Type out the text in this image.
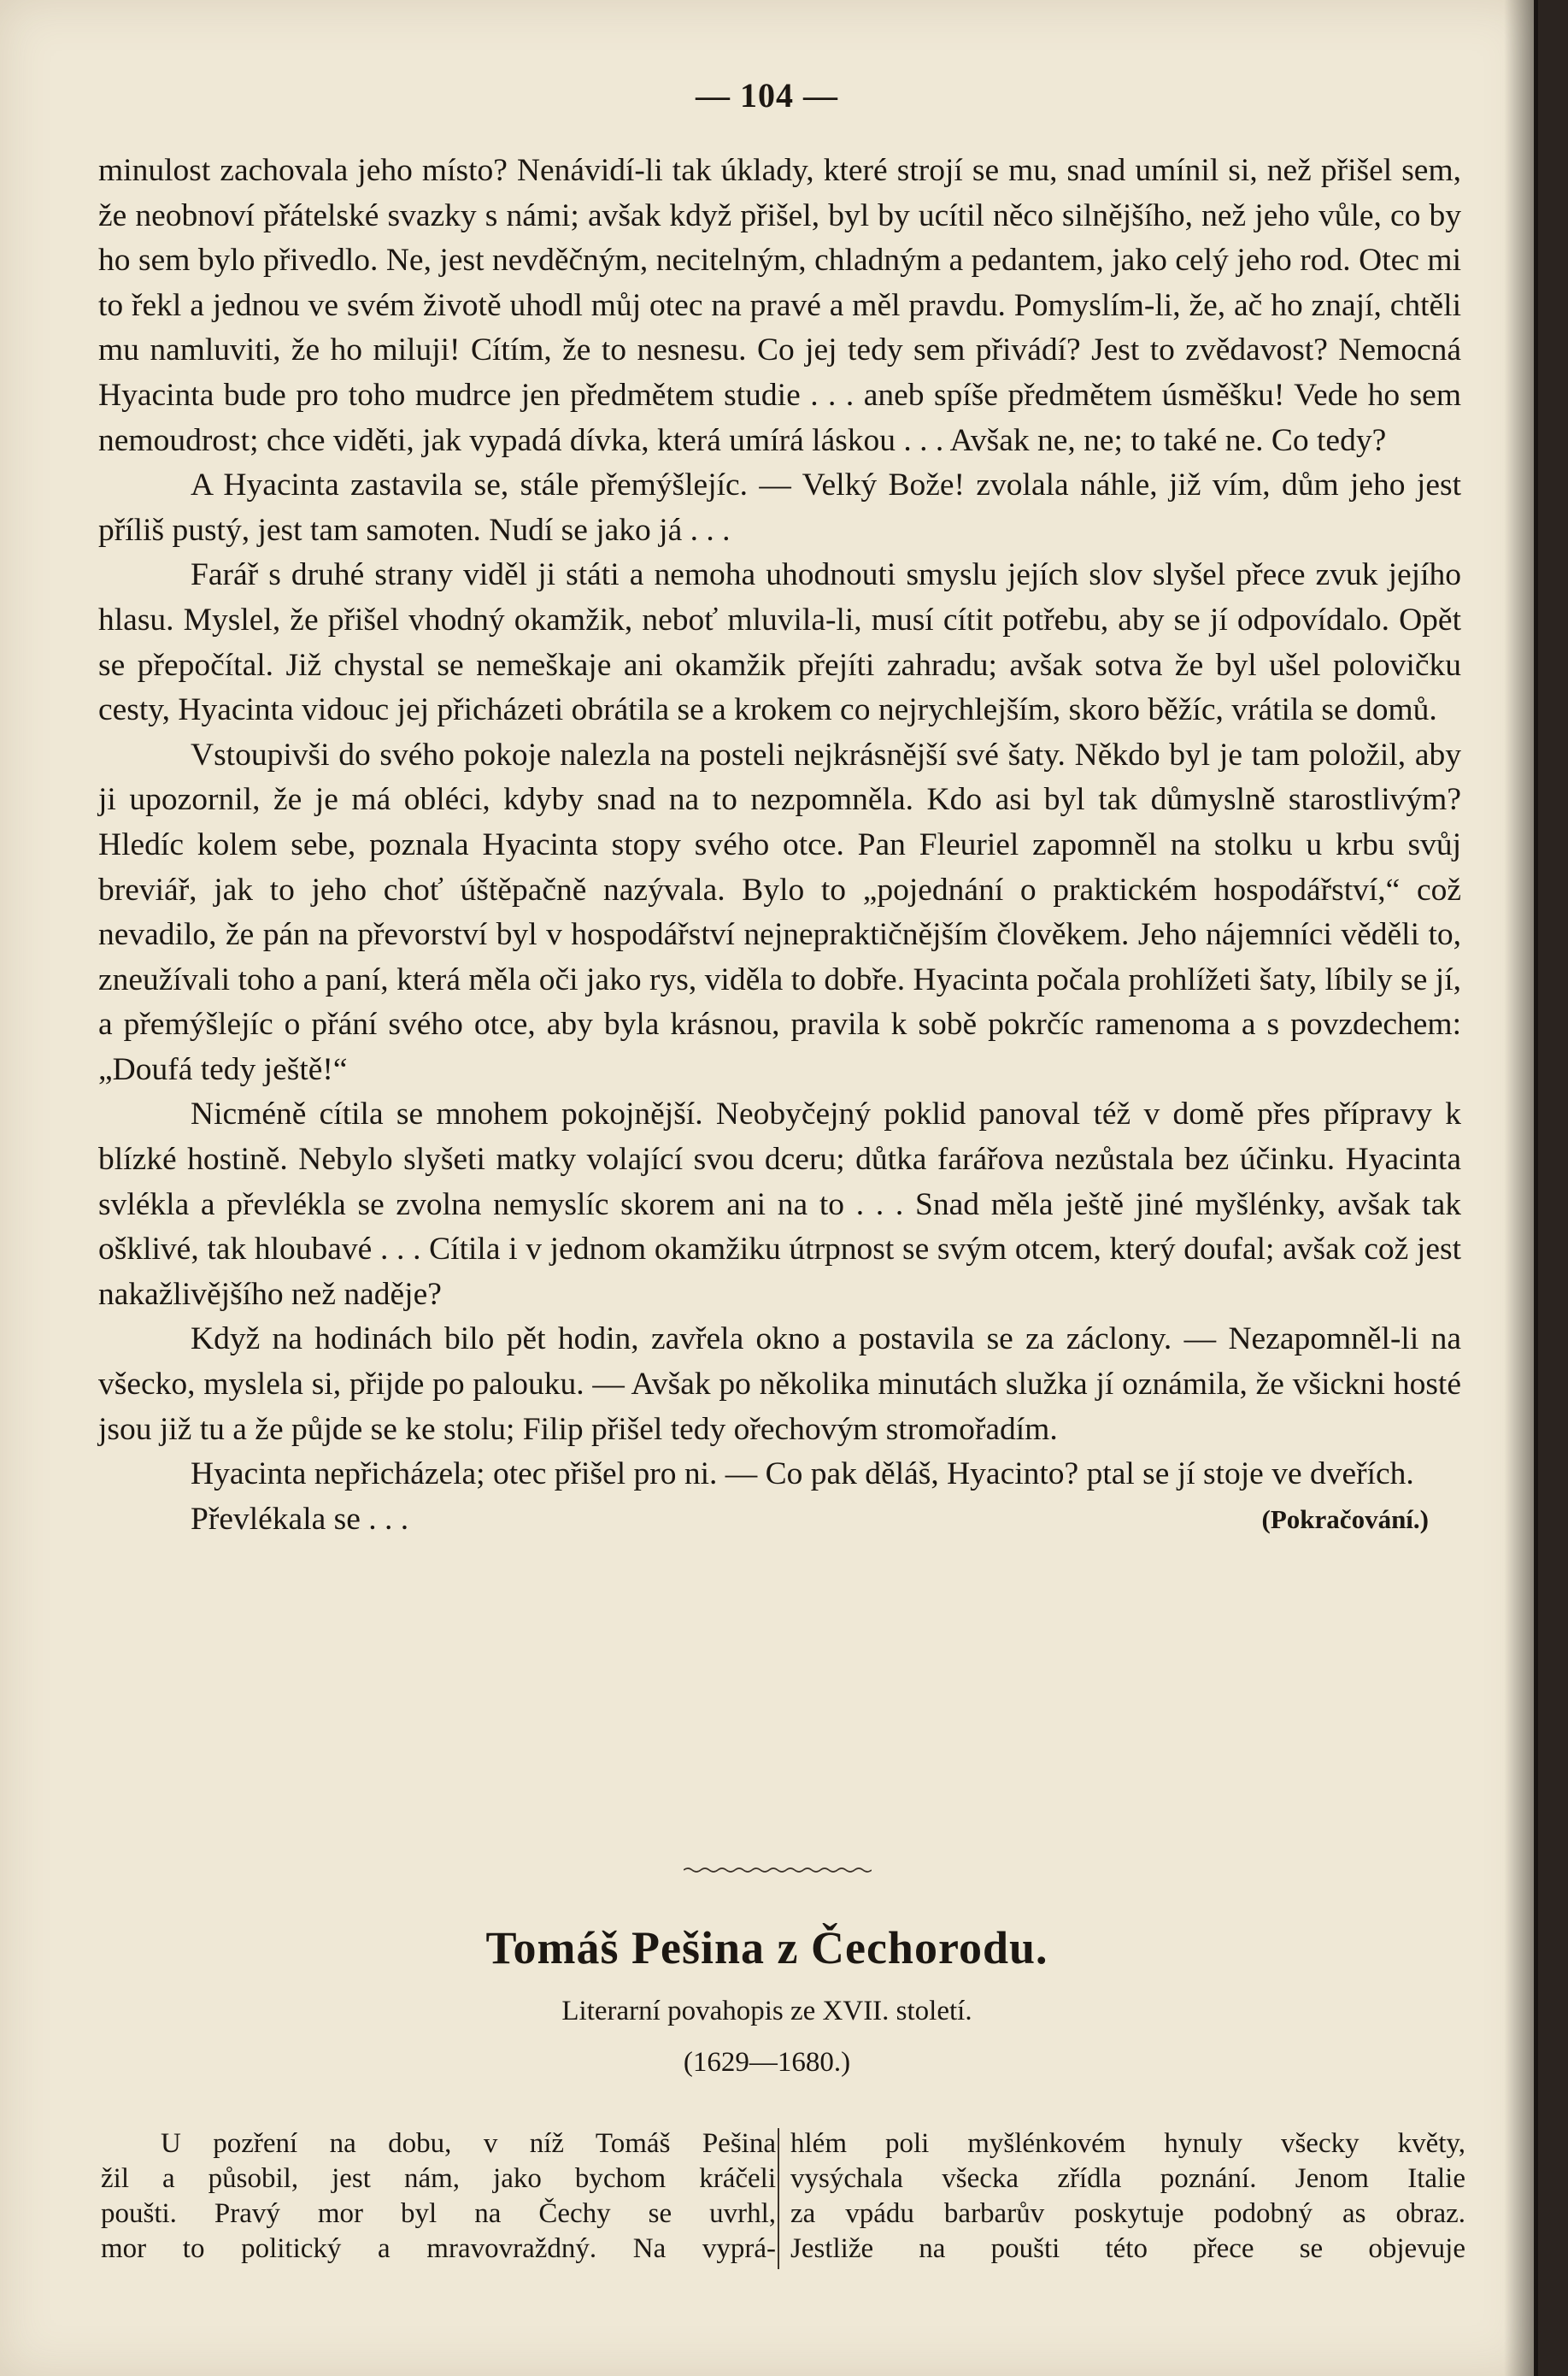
— 104 —

minulost zachovala jeho místo? Nenávidí-li tak úklady, které strojí se mu, snad umínil si, než přišel sem, že neobnoví přátelské svazky s námi; avšak když přišel, byl by ucítil něco silnějšího, než jeho vůle, co by ho sem bylo přivedlo. Ne, jest nevděčným, necitelným, chladným a pedantem, jako celý jeho rod. Otec mi to řekl a jednou ve svém životě uhodl můj otec na pravé a měl pravdu. Pomyslím-li, že, ač ho znají, chtěli mu namluviti, že ho miluji! Cítím, že to nesnesu. Co jej tedy sem přivádí? Jest to zvědavost? Nemocná Hyacinta bude pro toho mudrce jen předmětem studie . . . aneb spíše předmětem úsměšku! Vede ho sem nemoudrost; chce viděti, jak vypadá dívka, která umírá láskou . . . Avšak ne, ne; to také ne. Co tedy?

A Hyacinta zastavila se, stále přemýšlejíc. — Velký Bože! zvolala náhle, již vím, dům jeho jest příliš pustý, jest tam samoten. Nudí se jako já . . .

Farář s druhé strany viděl ji státi a nemoha uhodnouti smyslu jejích slov slyšel přece zvuk jejího hlasu. Myslel, že přišel vhodný okamžik, neboť mluvila-li, musí cítit potřebu, aby se jí odpovídalo. Opět se přepočítal. Již chystal se nemeškaje ani okamžik přejíti zahradu; avšak sotva že byl ušel polovičku cesty, Hyacinta vidouc jej přicházeti obrátila se a krokem co nejrychlejším, skoro běžíc, vrátila se domů.

Vstoupivši do svého pokoje nalezla na posteli nejkrásnější své šaty. Někdo byl je tam položil, aby ji upozornil, že je má obléci, kdyby snad na to nezpomněla. Kdo asi byl tak důmyslně starostlivým? Hledíc kolem sebe, poznala Hyacinta stopy svého otce. Pan Fleuriel zapomněl na stolku u krbu svůj breviář, jak to jeho choť úštěpačně nazývala. Bylo to „pojednání o praktickém hospodářství,“ což nevadilo, že pán na převorství byl v hospodářství nejnepraktičnějším člověkem. Jeho nájemníci věděli to, zneužívali toho a paní, která měla oči jako rys, viděla to dobře. Hyacinta počala prohlížeti šaty, líbily se jí, a přemýšlejíc o přání svého otce, aby byla krásnou, pravila k sobě pokrčíc ramenoma a s povzdechem: „Doufá tedy ještě!“

Nicméně cítila se mnohem pokojnější. Neobyčejný poklid panoval též v domě přes přípravy k blízké hostině. Nebylo slyšeti matky volající svou dceru; důtka farářova nezůstala bez účinku. Hyacinta svlékla a převlékla se zvolna nemyslíc skorem ani na to . . . Snad měla ještě jiné myšlénky, avšak tak ošklivé, tak hloubavé . . . Cítila i v jednom okamžiku útrpnost se svým otcem, který doufal; avšak což jest nakažlivějšího než naděje?

Když na hodinách bilo pět hodin, zavřela okno a postavila se za záclony. — Nezapomněl-li na všecko, myslela si, přijde po palouku. — Avšak po několika minutách služka jí oznámila, že všickni hosté jsou již tu a že půjde se ke stolu; Filip přišel tedy ořechovým stromořadím.

Hyacinta nepřicházela; otec přišel pro ni. — Co pak děláš, Hyacinto? ptal se jí stoje ve dveřích.

Převlékala se . . .	(Pokračování.)
Tomáš Pešina z Čechorodu.
Literarní povahopis ze XVII. století.
(1629—1680.)
U pozření na dobu, v níž Tomáš Pešina
žil a působil, jest nám, jako bychom kráčeli
poušti. Pravý mor byl na Čechy se uvrhl,
mor to politický a mravovraždný. Na vyprá-
hlém poli myšlénkovém hynuly všecky květy,
vysýchala všecka zřídla poznání. Jenom Italie
za vpádu barbarův poskytuje podobný as obraz.
Jestliže na poušti této přece se objevuje
